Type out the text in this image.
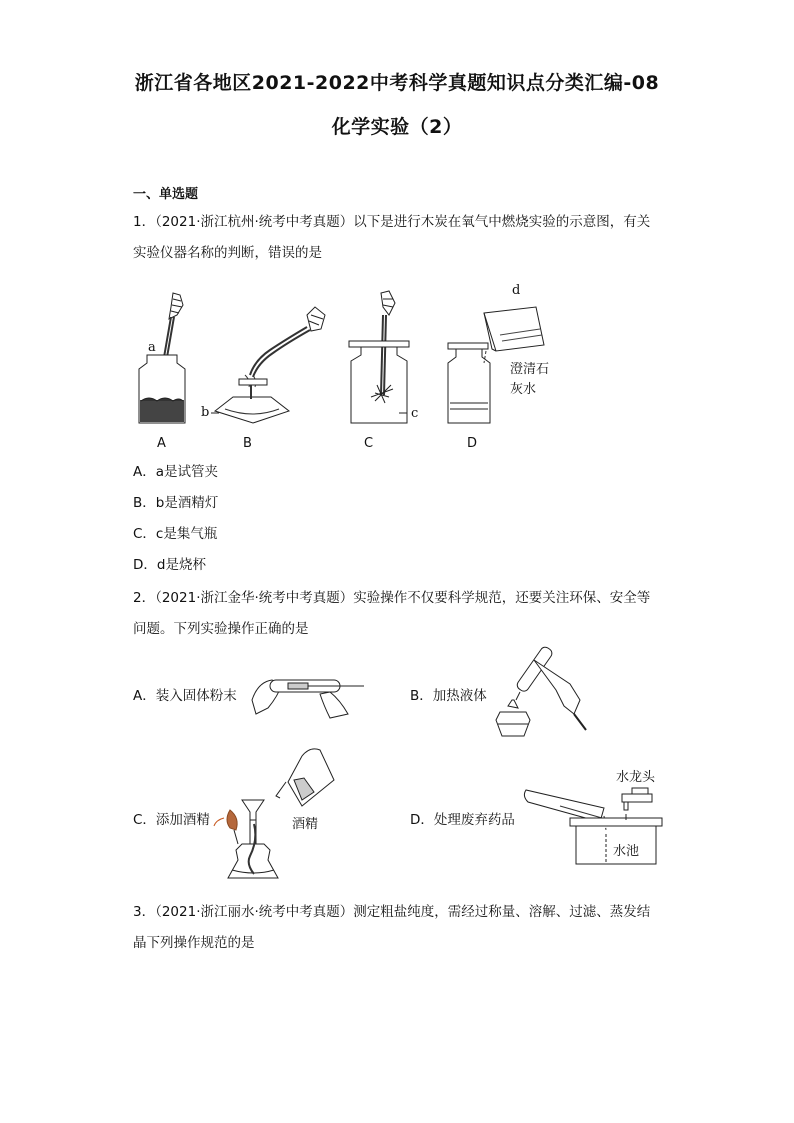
浙江省各地区2021-2022中考科学真题知识点分类汇编-08
化学实验（2）
一、单选题
1．（2021·浙江杭州·统考中考真题）以下是进行木炭在氧气中燃烧实验的示意图，有关
实验仪器名称的判断，错误的是
a
A
b
B
c
C
d
澄清石
灰水
D
A．a是试管夹
B．b是酒精灯
C．c是集气瓶
D．d是烧杯
2．（2021·浙江金华·统考中考真题）实验操作不仅要科学规范，还要关注环保、安全等
问题。下列实验操作正确的是
A．装入固体粉末	B．加热液体
C．添加酒精	酒精	D．处理废弃药品
水龙头
水池
3．（2021·浙江丽水·统考中考真题）测定粗盐纯度，需经过称量、溶解、过滤、蒸发结
晶下列操作规范的是
